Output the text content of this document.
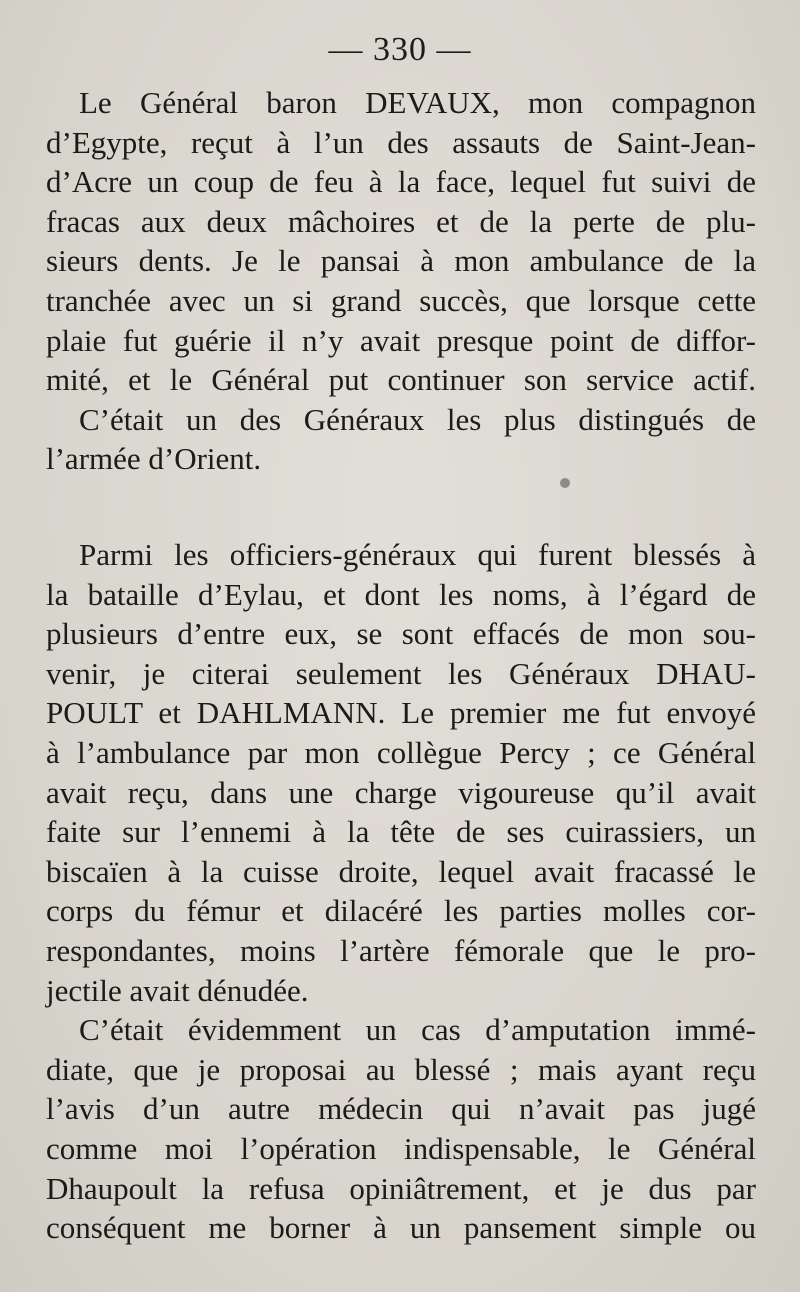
— 330 —
Le Général baron DEVAUX, mon compagnon
d’Egypte, reçut à l’un des assauts de Saint-Jean-
d’Acre un coup de feu à la face, lequel fut suivi de
fracas aux deux mâchoires et de la perte de plu-
sieurs dents. Je le pansai à mon ambulance de la
tranchée avec un si grand succès, que lorsque cette
plaie fut guérie il n’y avait presque point de diffor-
mité, et le Général put continuer son service actif.
C’était un des Généraux les plus distingués de
l’armée d’Orient.
Parmi les officiers-généraux qui furent blessés à
la bataille d’Eylau, et dont les noms, à l’égard de
plusieurs d’entre eux, se sont effacés de mon sou-
venir, je citerai seulement les Généraux DHAU-
POULT et DAHLMANN. Le premier me fut envoyé
à l’ambulance par mon collègue Percy ; ce Général
avait reçu, dans une charge vigoureuse qu’il avait
faite sur l’ennemi à la tête de ses cuirassiers, un
biscaïen à la cuisse droite, lequel avait fracassé le
corps du fémur et dilacéré les parties molles cor-
respondantes, moins l’artère fémorale que le pro-
jectile avait dénudée.
C’était évidemment un cas d’amputation immé-
diate, que je proposai au blessé ; mais ayant reçu
l’avis d’un autre médecin qui n’avait pas jugé
comme moi l’opération indispensable, le Général
Dhaupoult la refusa opiniâtrement, et je dus par
conséquent me borner à un pansement simple ou
